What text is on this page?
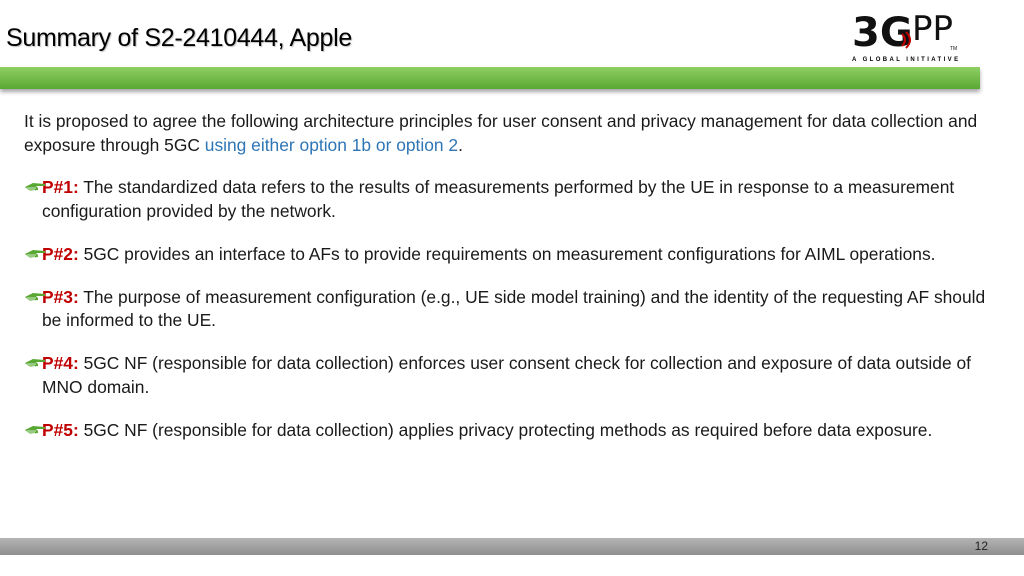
Summary of S2-2410444, Apple	3G PP
TM
A GLOBAL INITIATIVE

It is proposed to agree the following architecture principles for user consent and privacy management for data collection and exposure through 5GC using either option 1b or option 2.

P#1: The standardized data refers to the results of measurements performed by the UE in response to a measurement configuration provided by the network.
P#2: 5GC provides an interface to AFs to provide requirements on measurement configurations for AIML operations.
P#3: The purpose of measurement configuration (e.g., UE side model training) and the identity of the requesting AF should be informed to the UE.
P#4: 5GC NF (responsible for data collection) enforces user consent check for collection and exposure of data outside of MNO domain.
P#5: 5GC NF (responsible for data collection) applies privacy protecting methods as required before data exposure.
12
